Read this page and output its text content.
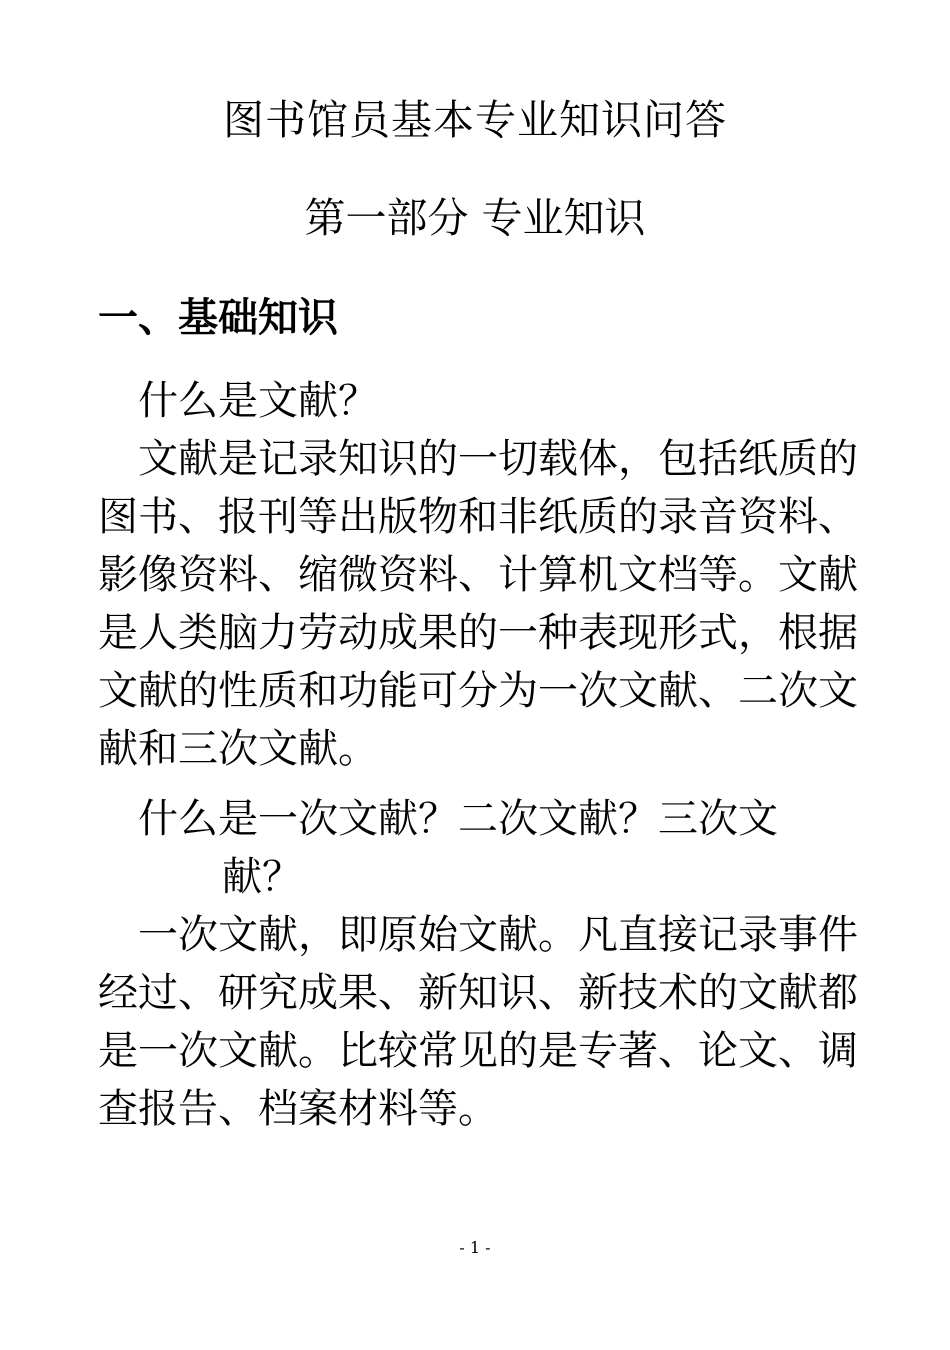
图书馆员基本专业知识问答
第一部分 专业知识
一、基础知识
什么是文献？
文献是记录知识的一切载体，包括纸质的图书、报刊等出版物和非纸质的录音资料、影像资料、缩微资料、计算机文档等。文献是人类脑力劳动成果的一种表现形式，根据文献的性质和功能可分为一次文献、二次文献和三次文献。
什么是一次文献？二次文献？三次文
献？
一次文献，即原始文献。凡直接记录事件经过、研究成果、新知识、新技术的文献都是一次文献。比较常见的是专著、论文、调查报告、档案材料等。
- 1 -
